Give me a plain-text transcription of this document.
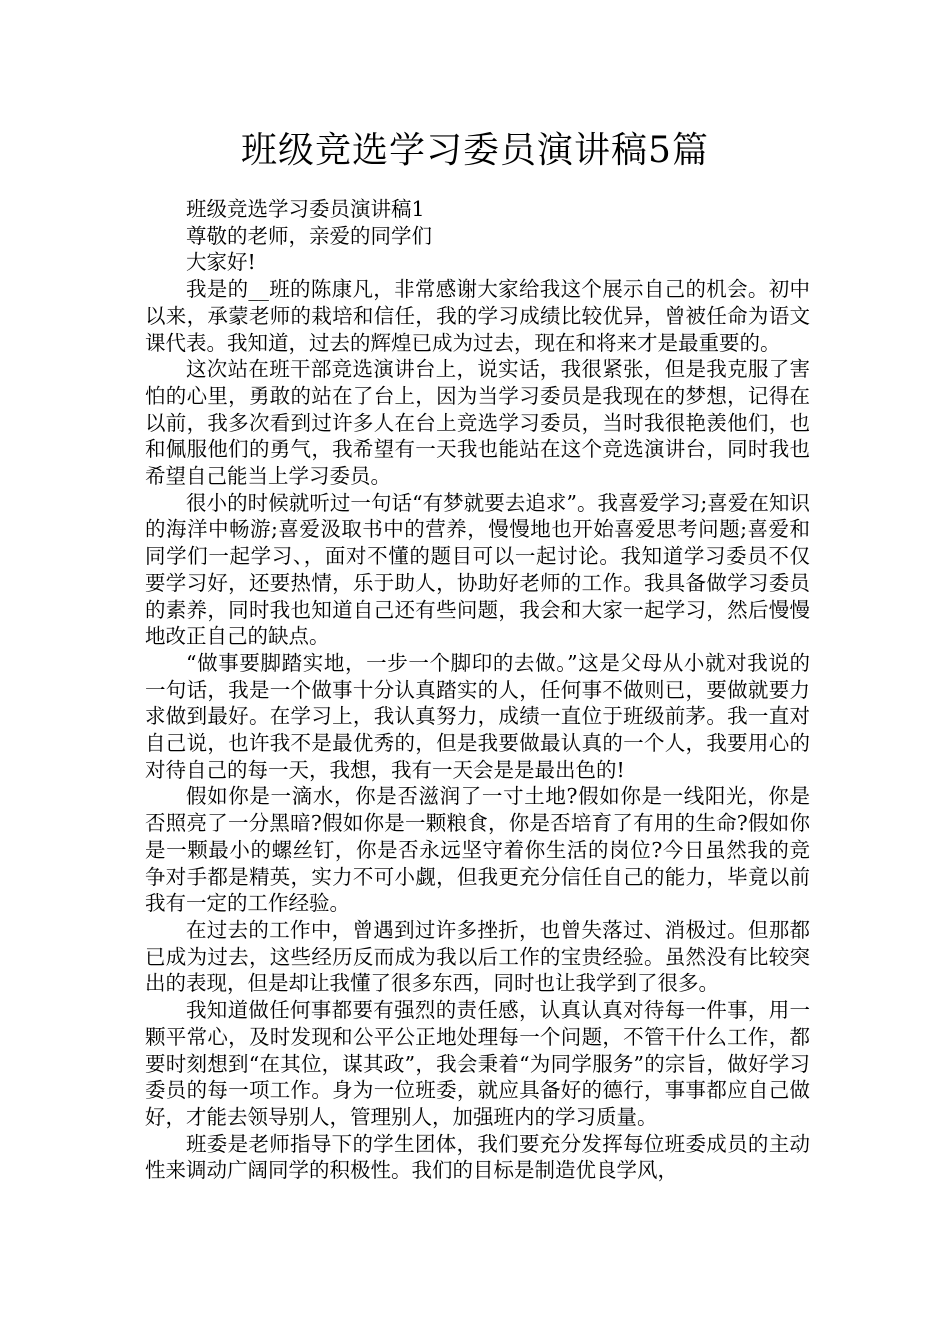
班级竞选学习委员演讲稿5篇

班级竞选学习委员演讲稿1

尊敬的老师，亲爱的同学们

大家好!

我是的__班的陈康凡，非常感谢大家给我这个展示自己的机会。初中以来，承蒙老师的栽培和信任，我的学习成绩比较优异，曾被任命为语文课代表。我知道，过去的辉煌已成为过去，现在和将来才是最重要的。

这次站在班干部竞选演讲台上，说实话，我很紧张，但是我克服了害怕的心里，勇敢的站在了台上，因为当学习委员是我现在的梦想，记得在以前，我多次看到过许多人在台上竞选学习委员，当时我很艳羡他们，也和佩服他们的勇气，我希望有一天我也能站在这个竞选演讲台，同时我也希望自己能当上学习委员。

很小的时候就听过一句话“有梦就要去追求”。我喜爱学习;喜爱在知识的海洋中畅游;喜爱汲取书中的营养，慢慢地也开始喜爱思考问题;喜爱和同学们一起学习、，面对不懂的题目可以一起讨论。我知道学习委员不仅要学习好，还要热情，乐于助人，协助好老师的工作。我具备做学习委员的素养，同时我也知道自己还有些问题，我会和大家一起学习，然后慢慢地改正自己的缺点。

“做事要脚踏实地，一步一个脚印的去做。”这是父母从小就对我说的一句话，我是一个做事十分认真踏实的人，任何事不做则已，要做就要力求做到最好。在学习上，我认真努力，成绩一直位于班级前茅。我一直对自己说，也许我不是最优秀的，但是我要做最认真的一个人，我要用心的对待自己的每一天，我想，我有一天会是是最出色的!

假如你是一滴水，你是否滋润了一寸土地?假如你是一线阳光，你是否照亮了一分黑暗?假如你是一颗粮食，你是否培育了有用的生命?假如你是一颗最小的螺丝钉，你是否永远坚守着你生活的岗位?今日虽然我的竞争对手都是精英，实力不可小觑，但我更充分信任自己的能力，毕竟以前我有一定的工作经验。

在过去的工作中，曾遇到过许多挫折，也曾失落过、消极过。但那都已成为过去，这些经历反而成为我以后工作的宝贵经验。虽然没有比较突出的表现，但是却让我懂了很多东西，同时也让我学到了很多。

我知道做任何事都要有强烈的责任感，认真认真对待每一件事，用一颗平常心，及时发现和公平公正地处理每一个问题，不管干什么工作，都要时刻想到“在其位，谋其政”，我会秉着“为同学服务”的宗旨，做好学习委员的每一项工作。身为一位班委，就应具备好的德行，事事都应自己做好，才能去领导别人，管理别人，加强班内的学习质量。

班委是老师指导下的学生团体，我们要充分发挥每位班委成员的主动性来调动广阔同学的积极性。我们的目标是制造优良学风，
